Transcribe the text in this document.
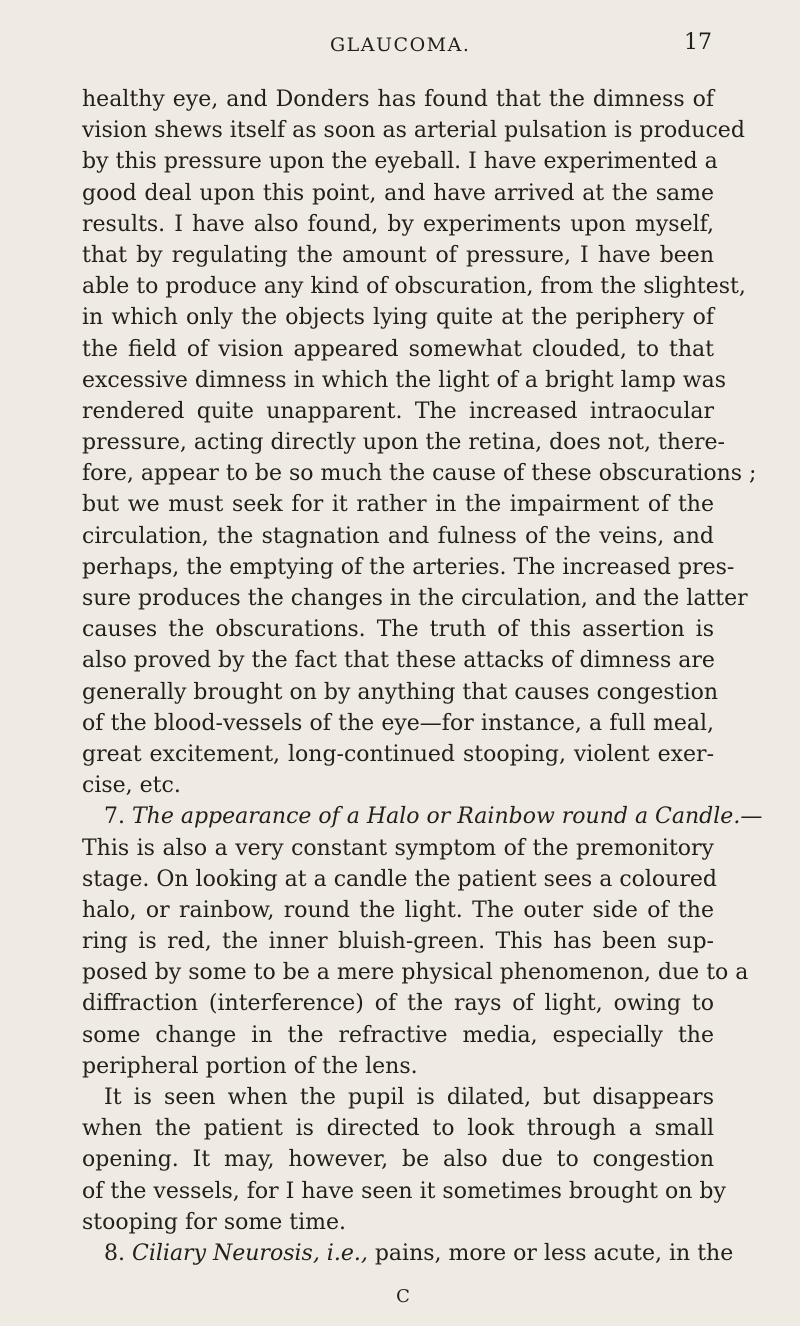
GLAUCOMA.	17
healthy eye, and Donders has found that the dimness of
vision shews itself as soon as arterial pulsation is produced
by this pressure upon the eyeball. I have experimented a
good deal upon this point, and have arrived at the same
results. I have also found, by experiments upon myself,
that by regulating the amount of pressure, I have been
able to produce any kind of obscuration, from the slightest,
in which only the objects lying quite at the periphery of
the field of vision appeared somewhat clouded, to that
excessive dimness in which the light of a bright lamp was
rendered quite unapparent. The increased intraocular
pressure, acting directly upon the retina, does not, there-
fore, appear to be so much the cause of these obscurations ;
but we must seek for it rather in the impairment of the
circulation, the stagnation and fulness of the veins, and
perhaps, the emptying of the arteries. The increased pres-
sure produces the changes in the circulation, and the latter
causes the obscurations. The truth of this assertion is
also proved by the fact that these attacks of dimness are
generally brought on by anything that causes congestion
of the blood-vessels of the eye—for instance, a full meal,
great excitement, long-continued stooping, violent exer-
cise, etc.
7. The appearance of a Halo or Rainbow round a Candle.—
This is also a very constant symptom of the premonitory
stage. On looking at a candle the patient sees a coloured
halo, or rainbow, round the light. The outer side of the
ring is red, the inner bluish-green. This has been sup-
posed by some to be a mere physical phenomenon, due to a
diffraction (interference) of the rays of light, owing to
some change in the refractive media, especially the
peripheral portion of the lens.
It is seen when the pupil is dilated, but disappears
when the patient is directed to look through a small
opening. It may, however, be also due to congestion
of the vessels, for I have seen it sometimes brought on by
stooping for some time.
8. Ciliary Neurosis, i.e., pains, more or less acute, in the
C
